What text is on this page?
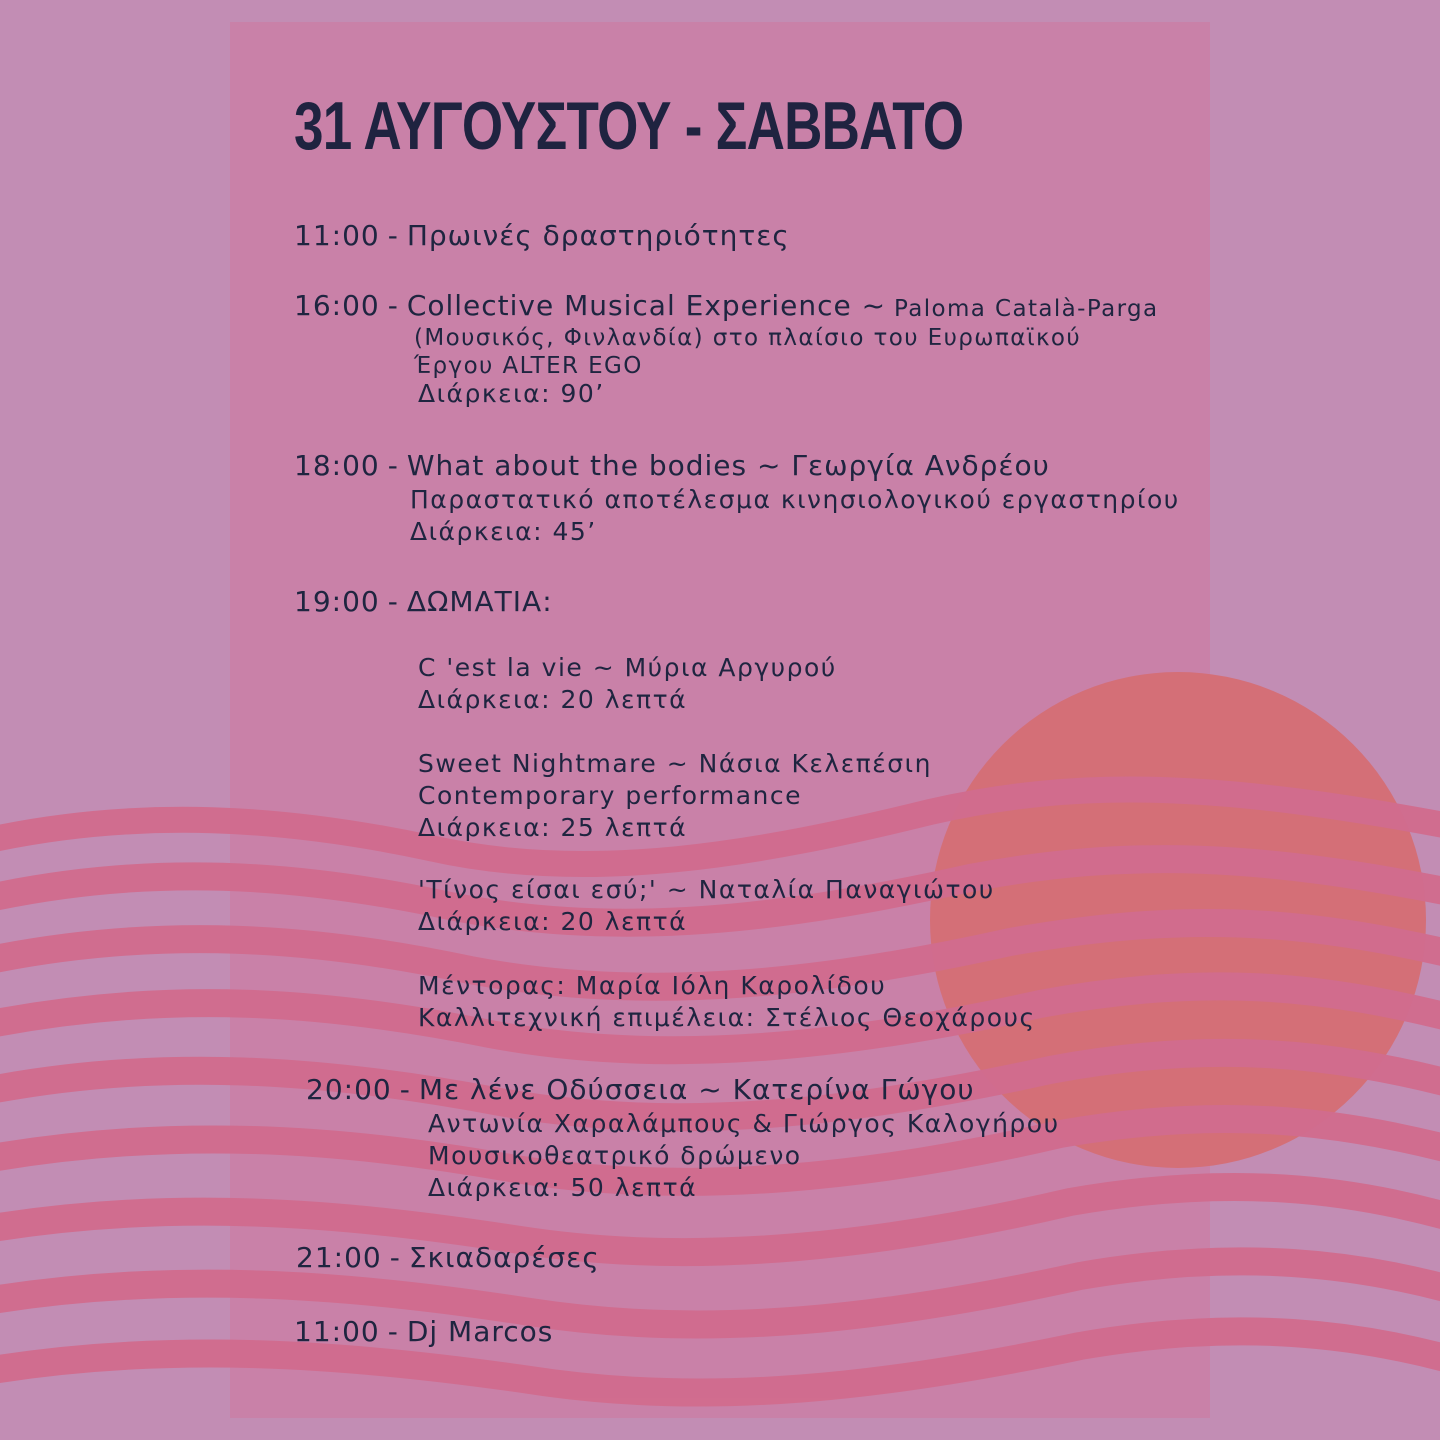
31 ΑΥΓΟΥΣΤΟΥ - ΣΑΒΒΑΤΟ
11:00 - Πρωινές δραστηριότητες
16:00 - Collective Musical Experience ~ Paloma Català-Parga
(Μουσικός, Φινλανδία) στο πλαίσιο του Ευρωπαϊκού
Έργου ALTER EGO
Διάρκεια: 90’
18:00 - What about the bodies ~ Γεωργία Ανδρέου
Παραστατικό αποτέλεσμα κινησιολογικού εργαστηρίου
Διάρκεια: 45’
19:00 - ΔΩΜΑΤΙΑ:
C 'est la vie ~ Μύρια Αργυρού
Διάρκεια: 20 λεπτά
Sweet Nightmare ~ Νάσια Κελεπέσιη
Contemporary performance
Διάρκεια: 25 λεπτά
'Τίνος είσαι εσύ;' ~ Ναταλία Παναγιώτου
Διάρκεια: 20 λεπτά
Μέντορας: Μαρία Ιόλη Καρολίδου
Καλλιτεχνική επιμέλεια: Στέλιος Θεοχάρους
20:00 - Με λένε Οδύσσεια ~ Κατερίνα Γώγου
Αντωνία Χαραλάμπους & Γιώργος Καλογήρου
Μουσικοθεατρικό δρώμενο
Διάρκεια: 50 λεπτά
21:00 - Σκιαδαρέσες
11:00 - Dj Marcos
